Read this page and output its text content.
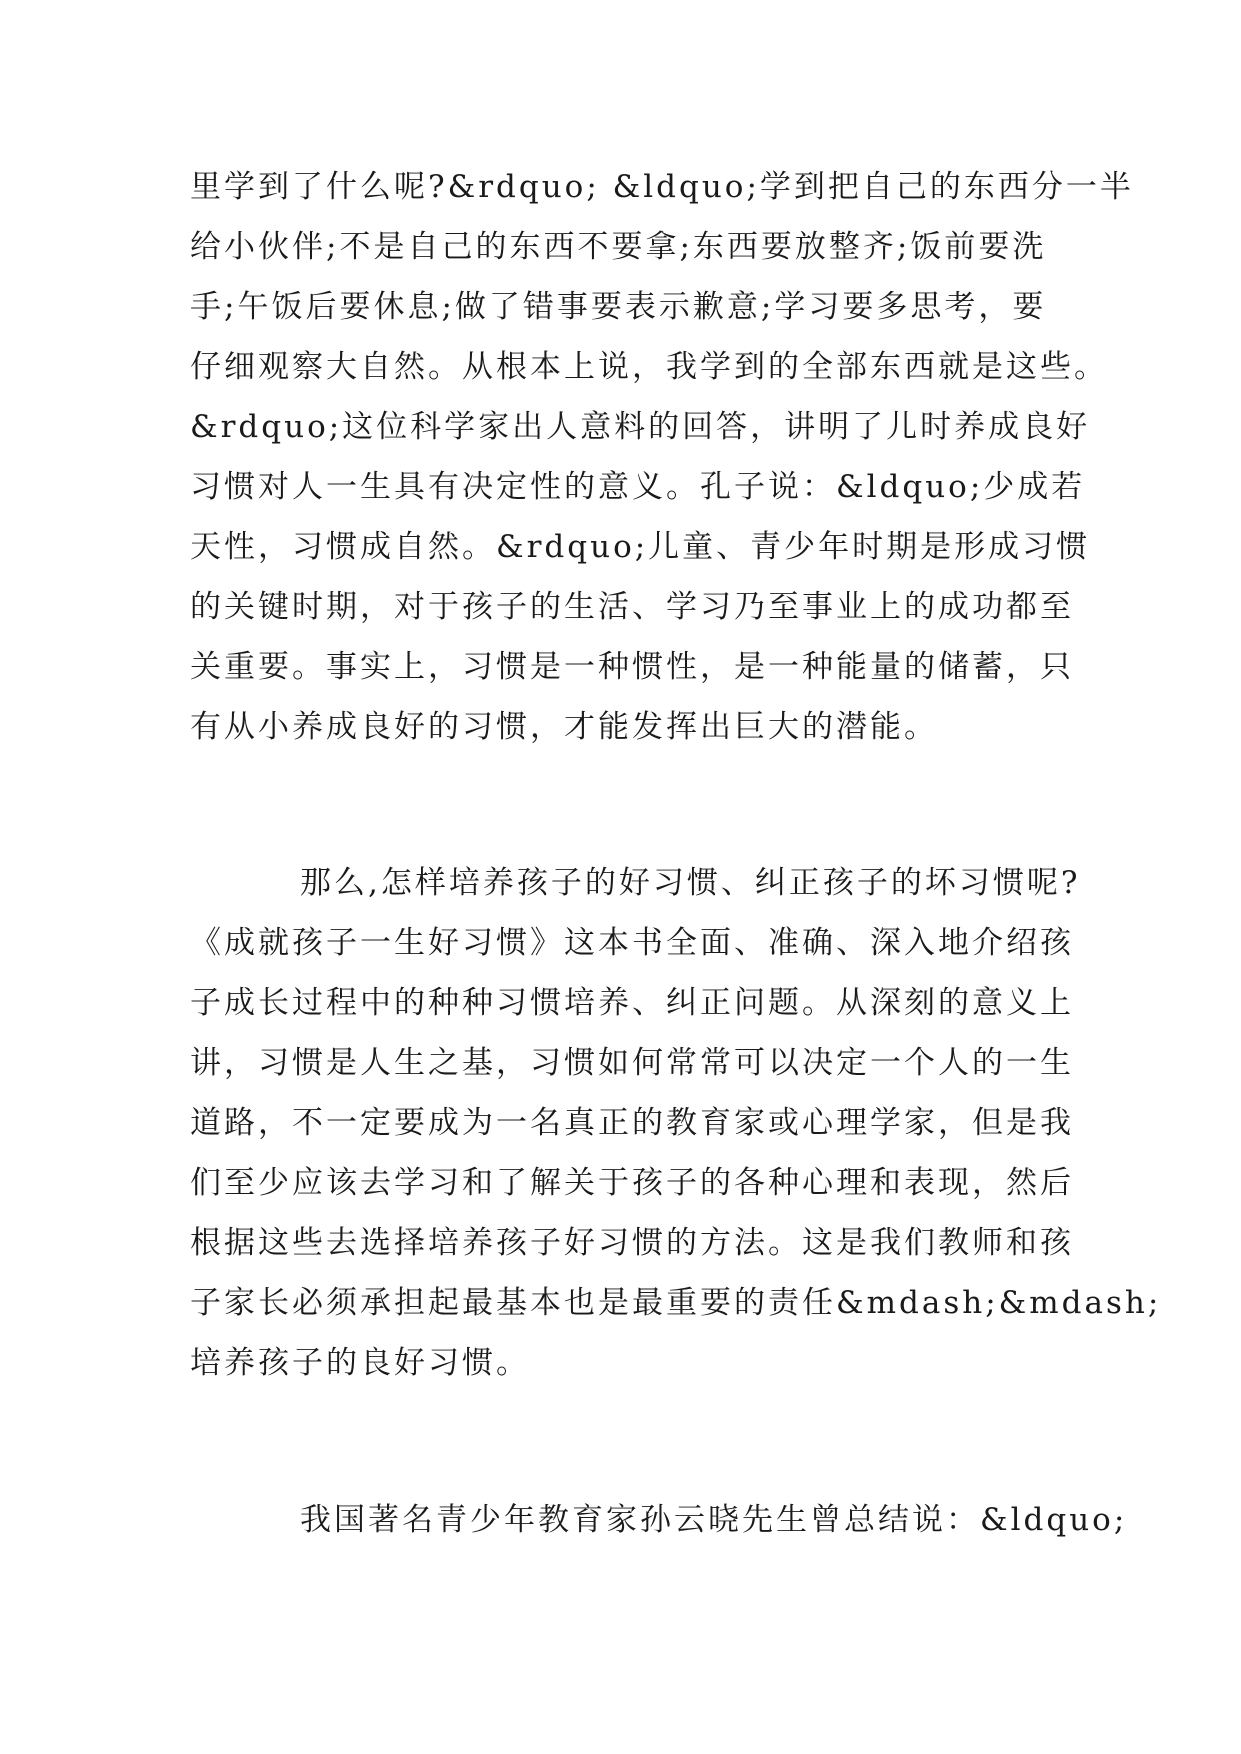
里学到了什么呢?&rdquo; &ldquo;学到把自己的东西分一半
给小伙伴;不是自己的东西不要拿;东西要放整齐;饭前要洗
手;午饭后要休息;做了错事要表示歉意;学习要多思考，要
仔细观察大自然。从根本上说，我学到的全部东西就是这些。
&rdquo;这位科学家出人意料的回答，讲明了儿时养成良好
习惯对人一生具有决定性的意义。孔子说：&ldquo;少成若
天性，习惯成自然。&rdquo;儿童、青少年时期是形成习惯
的关键时期，对于孩子的生活、学习乃至事业上的成功都至
关重要。事实上，习惯是一种惯性，是一种能量的储蓄，只
有从小养成良好的习惯，才能发挥出巨大的潜能。

那么,怎样培养孩子的好习惯、纠正孩子的坏习惯呢?
《成就孩子一生好习惯》这本书全面、准确、深入地介绍孩
子成长过程中的种种习惯培养、纠正问题。从深刻的意义上
讲，习惯是人生之基，习惯如何常常可以决定一个人的一生
道路，不一定要成为一名真正的教育家或心理学家，但是我
们至少应该去学习和了解关于孩子的各种心理和表现，然后
根据这些去选择培养孩子好习惯的方法。这是我们教师和孩
子家长必须承担起最基本也是最重要的责任&mdash;&mdash;
培养孩子的良好习惯。

我国著名青少年教育家孙云晓先生曾总结说：&ldquo;
